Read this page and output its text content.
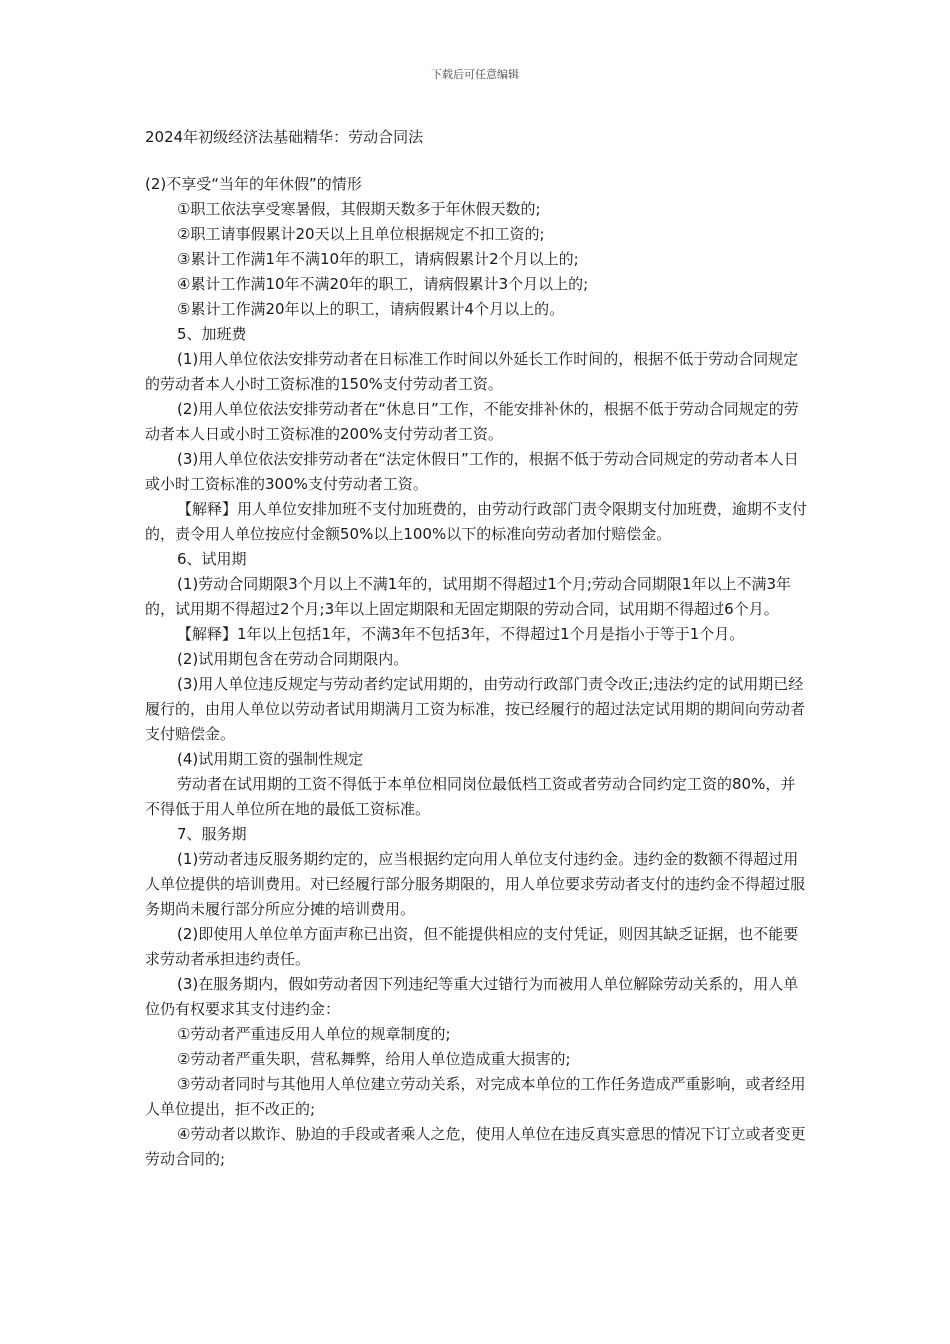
下载后可任意编辑
2024年初级经济法基础精华：劳动合同法

(2)不享受“当年的年休假”的情形

①职工依法享受寒暑假，其假期天数多于年休假天数的;

②职工请事假累计20天以上且单位根据规定不扣工资的;

③累计工作满1年不满10年的职工，请病假累计2个月以上的;

④累计工作满10年不满20年的职工，请病假累计3个月以上的;

⑤累计工作满20年以上的职工，请病假累计4个月以上的。

5、加班费

(1)用人单位依法安排劳动者在日标准工作时间以外延长工作时间的，根据不低于劳动合同规定的劳动者本人小时工资标准的150%支付劳动者工资。

(2)用人单位依法安排劳动者在“休息日”工作，不能安排补休的，根据不低于劳动合同规定的劳动者本人日或小时工资标准的200%支付劳动者工资。

(3)用人单位依法安排劳动者在“法定休假日”工作的，根据不低于劳动合同规定的劳动者本人日或小时工资标准的300%支付劳动者工资。

【解释】用人单位安排加班不支付加班费的，由劳动行政部门责令限期支付加班费，逾期不支付的，责令用人单位按应付金额50%以上100%以下的标准向劳动者加付赔偿金。

6、试用期

(1)劳动合同期限3个月以上不满1年的，试用期不得超过1个月;劳动合同期限1年以上不满3年的，试用期不得超过2个月;3年以上固定期限和无固定期限的劳动合同，试用期不得超过6个月。

【解释】1年以上包括1年，不满3年不包括3年，不得超过1个月是指小于等于1个月。

(2)试用期包含在劳动合同期限内。

(3)用人单位违反规定与劳动者约定试用期的，由劳动行政部门责令改正;违法约定的试用期已经履行的，由用人单位以劳动者试用期满月工资为标准，按已经履行的超过法定试用期的期间向劳动者支付赔偿金。

(4)试用期工资的强制性规定

劳动者在试用期的工资不得低于本单位相同岗位最低档工资或者劳动合同约定工资的80%，并不得低于用人单位所在地的最低工资标准。

7、服务期

(1)劳动者违反服务期约定的，应当根据约定向用人单位支付违约金。违约金的数额不得超过用人单位提供的培训费用。对已经履行部分服务期限的，用人单位要求劳动者支付的违约金不得超过服务期尚未履行部分所应分摊的培训费用。

(2)即使用人单位单方面声称已出资，但不能提供相应的支付凭证，则因其缺乏证据，也不能要求劳动者承担违约责任。

(3)在服务期内，假如劳动者因下列违纪等重大过错行为而被用人单位解除劳动关系的，用人单位仍有权要求其支付违约金：

①劳动者严重违反用人单位的规章制度的;

②劳动者严重失职，营私舞弊，给用人单位造成重大损害的;

③劳动者同时与其他用人单位建立劳动关系，对完成本单位的工作任务造成严重影响，或者经用人单位提出，拒不改正的;

④劳动者以欺诈、胁迫的手段或者乘人之危，使用人单位在违反真实意思的情况下订立或者变更劳动合同的;
